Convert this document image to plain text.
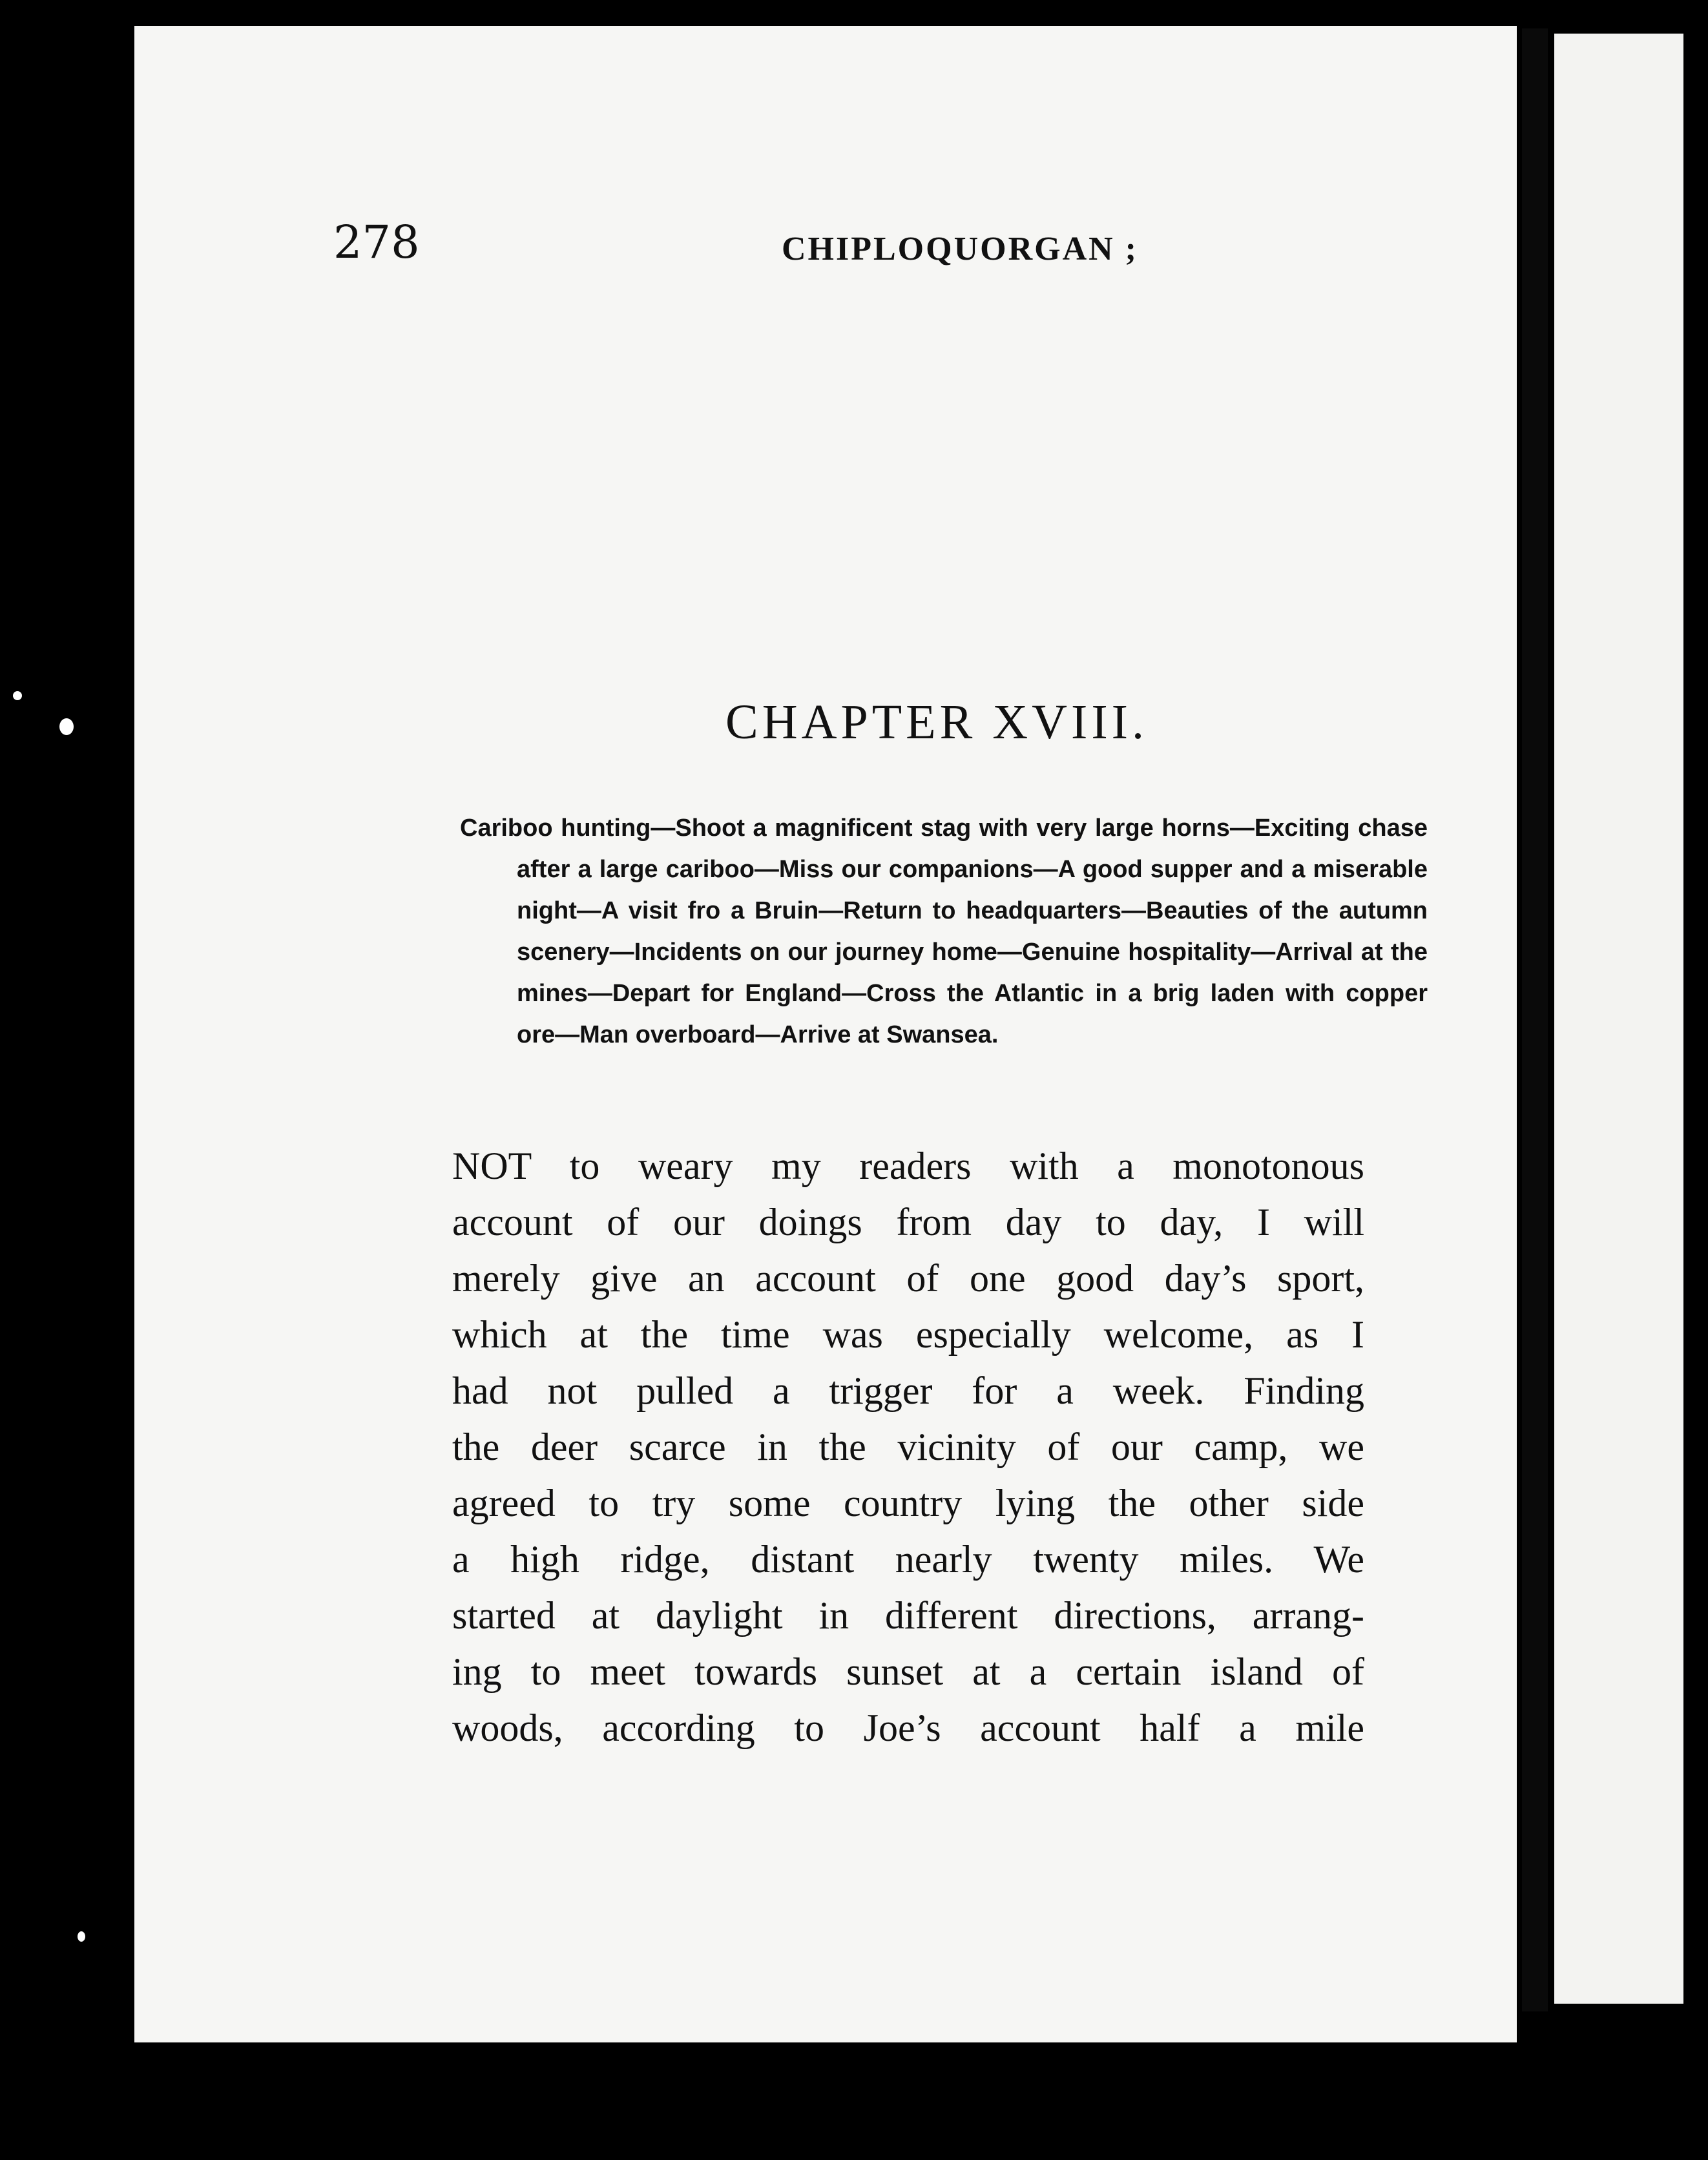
278	CHIPLOQUORGAN ;

CHAPTER XVIII.

Cariboo hunting—Shoot a magnificent stag with very large horns—Exciting chase after a large cariboo—Miss our companions—A good supper and a miserable night—A visit fro a Bruin—Return to headquarters—Beauties of the autumn scenery—Incidents on our journey home—Genuine hospitality—Arrival at the mines—Depart for England—Cross the Atlantic in a brig laden with copper ore—Man overboard—Arrive at Swansea.

NOT to weary my readers with a monotonous
account of our doings from day to day, I will
merely give an account of one good day’s sport,
which at the time was especially welcome, as I
had not pulled a trigger for a week. Finding
the deer scarce in the vicinity of our camp, we
agreed to try some country lying the other side
a high ridge, distant nearly twenty miles. We
started at daylight in different directions, arrang-
ing to meet towards sunset at a certain island of
woods, according to Joe’s account half a mile
